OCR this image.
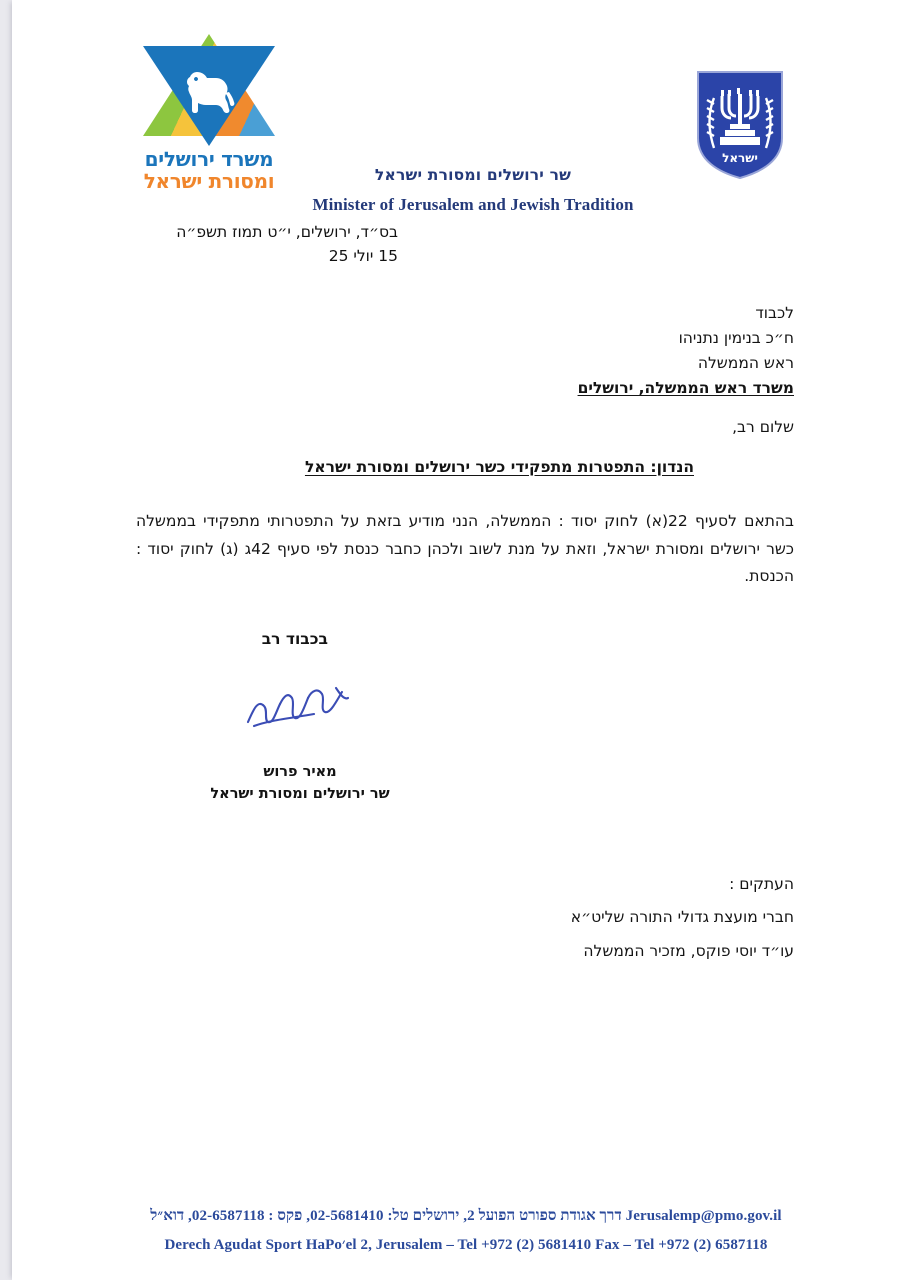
משרד ירושלים
ומסורת ישראל	שר ירושלים ומסורת ישראל
Minister of Jerusalem and Jewish Tradition
ישראל
בס״ד, ירושלים, י״ט תמוז תשפ״ה
15 יולי 25
לכבוד
ח״כ בנימין נתניהו
ראש הממשלה
משרד ראש הממשלה, ירושלים
שלום רב,
הנדון: התפטרות מתפקידי כשר ירושלים ומסורת ישראל
בהתאם לסעיף 22(א) לחוק יסוד : הממשלה, הנני מודיע בזאת על התפטרותי מתפקידי בממשלה כשר ירושלים ומסורת ישראל, וזאת על מנת לשוב ולכהן כחבר כנסת לפי סעיף 42ג (ג) לחוק יסוד : הכנסת.
בכבוד רב
מאיר פרוש
שר ירושלים ומסורת ישראל
העתקים :
חברי מועצת גדולי התורה שליט״א
עו״ד יוסי פוקס, מזכיר הממשלה
Jerusalemp@pmo.gov.il דרך אגודת ספורט הפועל 2, ירושלים טל: 02-5681410, פקס : 02-6587118, דוא״ל
Derech Agudat Sport HaPo׳el 2, Jerusalem – Tel +972 (2) 5681410 Fax – Tel +972 (2) 6587118
